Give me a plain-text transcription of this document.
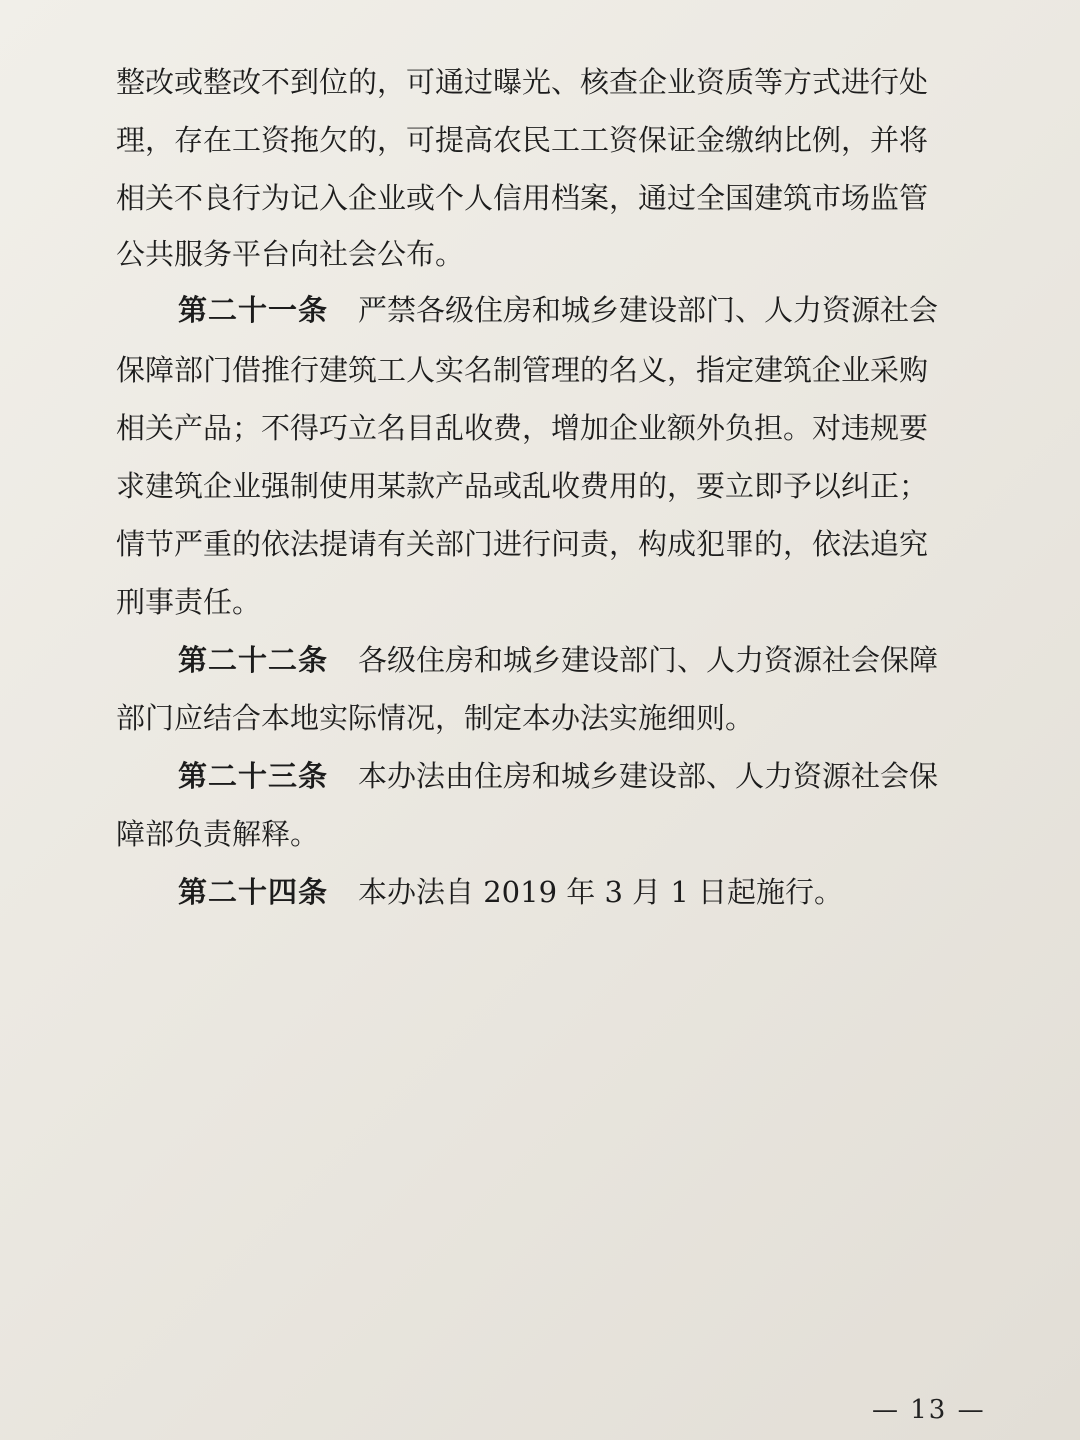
整改或整改不到位的，可通过曝光、核查企业资质等方式进行处
理，存在工资拖欠的，可提高农民工工资保证金缴纳比例，并将
相关不良行为记入企业或个人信用档案，通过全国建筑市场监管
公共服务平台向社会公布。
第二十一条 严禁各级住房和城乡建设部门、人力资源社会
保障部门借推行建筑工人实名制管理的名义，指定建筑企业采购
相关产品；不得巧立名目乱收费，增加企业额外负担。对违规要
求建筑企业强制使用某款产品或乱收费用的，要立即予以纠正；
情节严重的依法提请有关部门进行问责，构成犯罪的，依法追究
刑事责任。
第二十二条 各级住房和城乡建设部门、人力资源社会保障
部门应结合本地实际情况，制定本办法实施细则。
第二十三条 本办法由住房和城乡建设部、人力资源社会保
障部负责解释。
第二十四条 本办法自 2019 年 3 月 1 日起施行。
— 13 —
